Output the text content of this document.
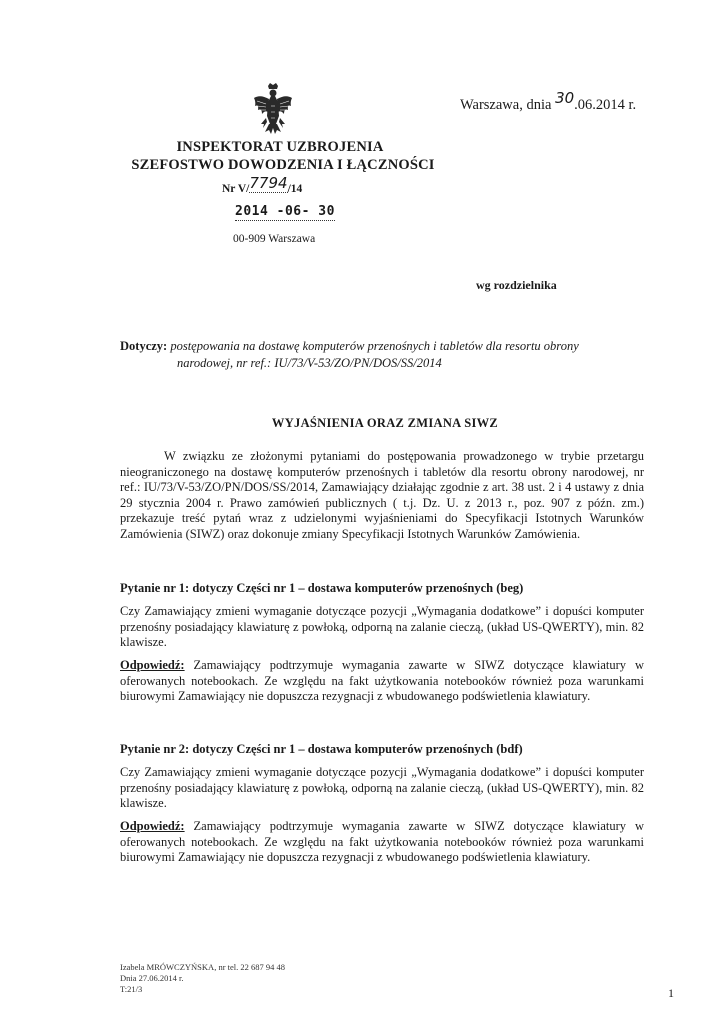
Warszawa, dnia 30.06.2014 r.
INSPEKTORAT UZBROJENIA
SZEFOSTWO DOWODZENIA I ŁĄCZNOŚCI
Nr V/7794/14
2014 -06- 30
00-909 Warszawa
wg rozdzielnika
Dotyczy: postępowania na dostawę komputerów przenośnych i tabletów dla resortu obrony
narodowej, nr ref.: IU/73/V-53/ZO/PN/DOS/SS/2014
WYJAŚNIENIA ORAZ ZMIANA SIWZ
W związku ze złożonymi pytaniami do postępowania prowadzonego w trybie przetargu nieograniczonego na dostawę komputerów przenośnych i tabletów dla resortu obrony narodowej, nr ref.: IU/73/V-53/ZO/PN/DOS/SS/2014, Zamawiający działając zgodnie z art. 38 ust. 2 i 4 ustawy z dnia 29 stycznia 2004 r. Prawo zamówień publicznych ( t.j. Dz. U. z 2013 r., poz. 907 z późn. zm.) przekazuje treść pytań wraz z udzielonymi wyjaśnieniami do Specyfikacji Istotnych Warunków Zamówienia (SIWZ) oraz dokonuje zmiany Specyfikacji Istotnych Warunków Zamówienia.
Pytanie nr 1: dotyczy Części nr 1 – dostawa komputerów przenośnych (beg)
Czy Zamawiający zmieni wymaganie dotyczące pozycji „Wymagania dodatkowe” i dopuści komputer przenośny posiadający klawiaturę z powłoką, odporną na zalanie cieczą, (układ US-QWERTY), min. 82 klawisze.
Odpowiedź: Zamawiający podtrzymuje wymagania zawarte w SIWZ dotyczące klawiatury w oferowanych notebookach. Ze względu na fakt użytkowania notebooków również poza warunkami biurowymi Zamawiający nie dopuszcza rezygnacji z wbudowanego podświetlenia klawiatury.
Pytanie nr 2: dotyczy Części nr 1 – dostawa komputerów przenośnych (bdf)
Czy Zamawiający zmieni wymaganie dotyczące pozycji „Wymagania dodatkowe” i dopuści komputer przenośny posiadający klawiaturę z powłoką, odporną na zalanie cieczą, (układ US-QWERTY), min. 82 klawisze.
Odpowiedź: Zamawiający podtrzymuje wymagania zawarte w SIWZ dotyczące klawiatury w oferowanych notebookach. Ze względu na fakt użytkowania notebooków również poza warunkami biurowymi Zamawiający nie dopuszcza rezygnacji z wbudowanego podświetlenia klawiatury.
Izabela MRÓWCZYŃSKA, nr tel. 22 687 94 48
Dnia 27.06.2014 r.
T:21/3	1
